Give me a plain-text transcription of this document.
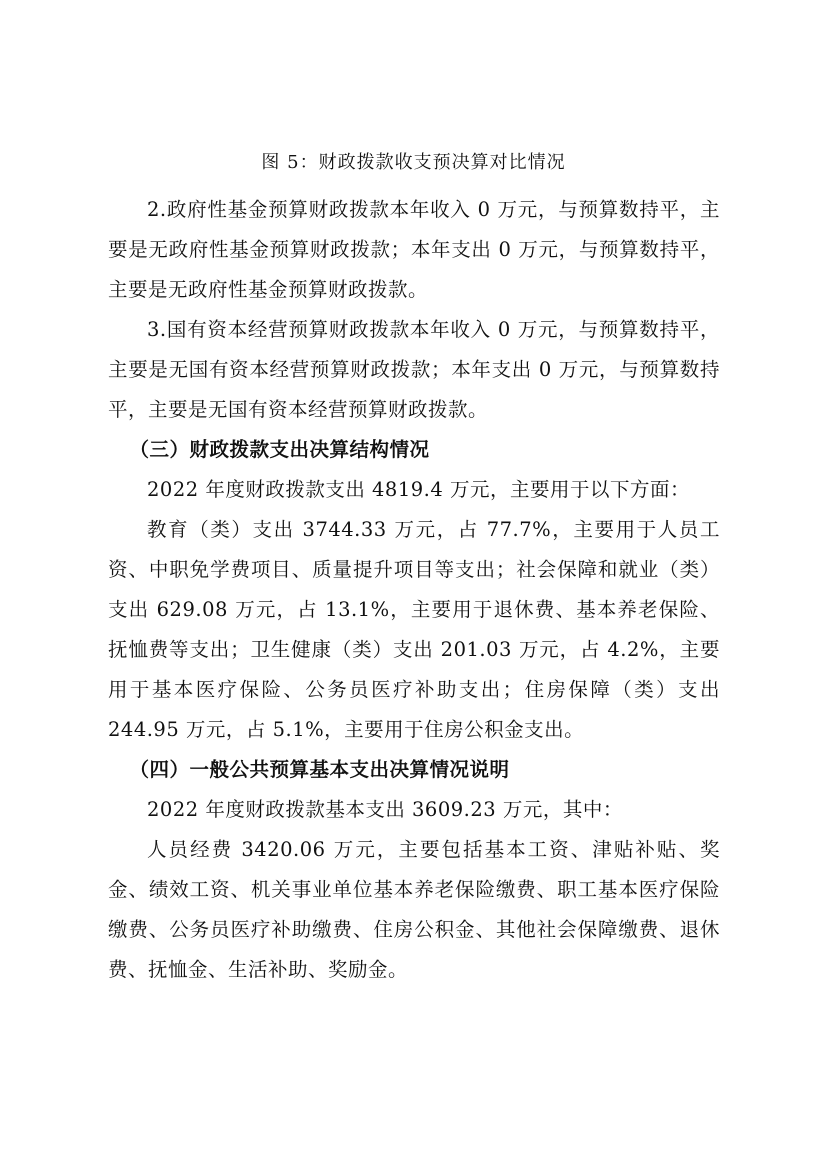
图 5：财政拨款收支预决算对比情况

2.政府性基金预算财政拨款本年收入 0 万元，与预算数持平，主要是无政府性基金预算财政拨款；本年支出 0 万元，与预算数持平，主要是无政府性基金预算财政拨款。

3.国有资本经营预算财政拨款本年收入 0 万元，与预算数持平，主要是无国有资本经营预算财政拨款；本年支出 0 万元，与预算数持平，主要是无国有资本经营预算财政拨款。

（三）财政拨款支出决算结构情况

2022 年度财政拨款支出 4819.4 万元，主要用于以下方面：

教育（类）支出 3744.33 万元，占 77.7%，主要用于人员工资、中职免学费项目、质量提升项目等支出；社会保障和就业（类）支出 629.08 万元，占 13.1%，主要用于退休费、基本养老保险、抚恤费等支出；卫生健康（类）支出 201.03 万元，占 4.2%，主要用于基本医疗保险、公务员医疗补助支出；住房保障（类）支出 244.95 万元，占 5.1%，主要用于住房公积金支出。

（四）一般公共预算基本支出决算情况说明

2022 年度财政拨款基本支出 3609.23 万元，其中：

人员经费 3420.06 万元，主要包括基本工资、津贴补贴、奖金、绩效工资、机关事业单位基本养老保险缴费、职工基本医疗保险缴费、公务员医疗补助缴费、住房公积金、其他社会保障缴费、退休费、抚恤金、生活补助、奖励金。
